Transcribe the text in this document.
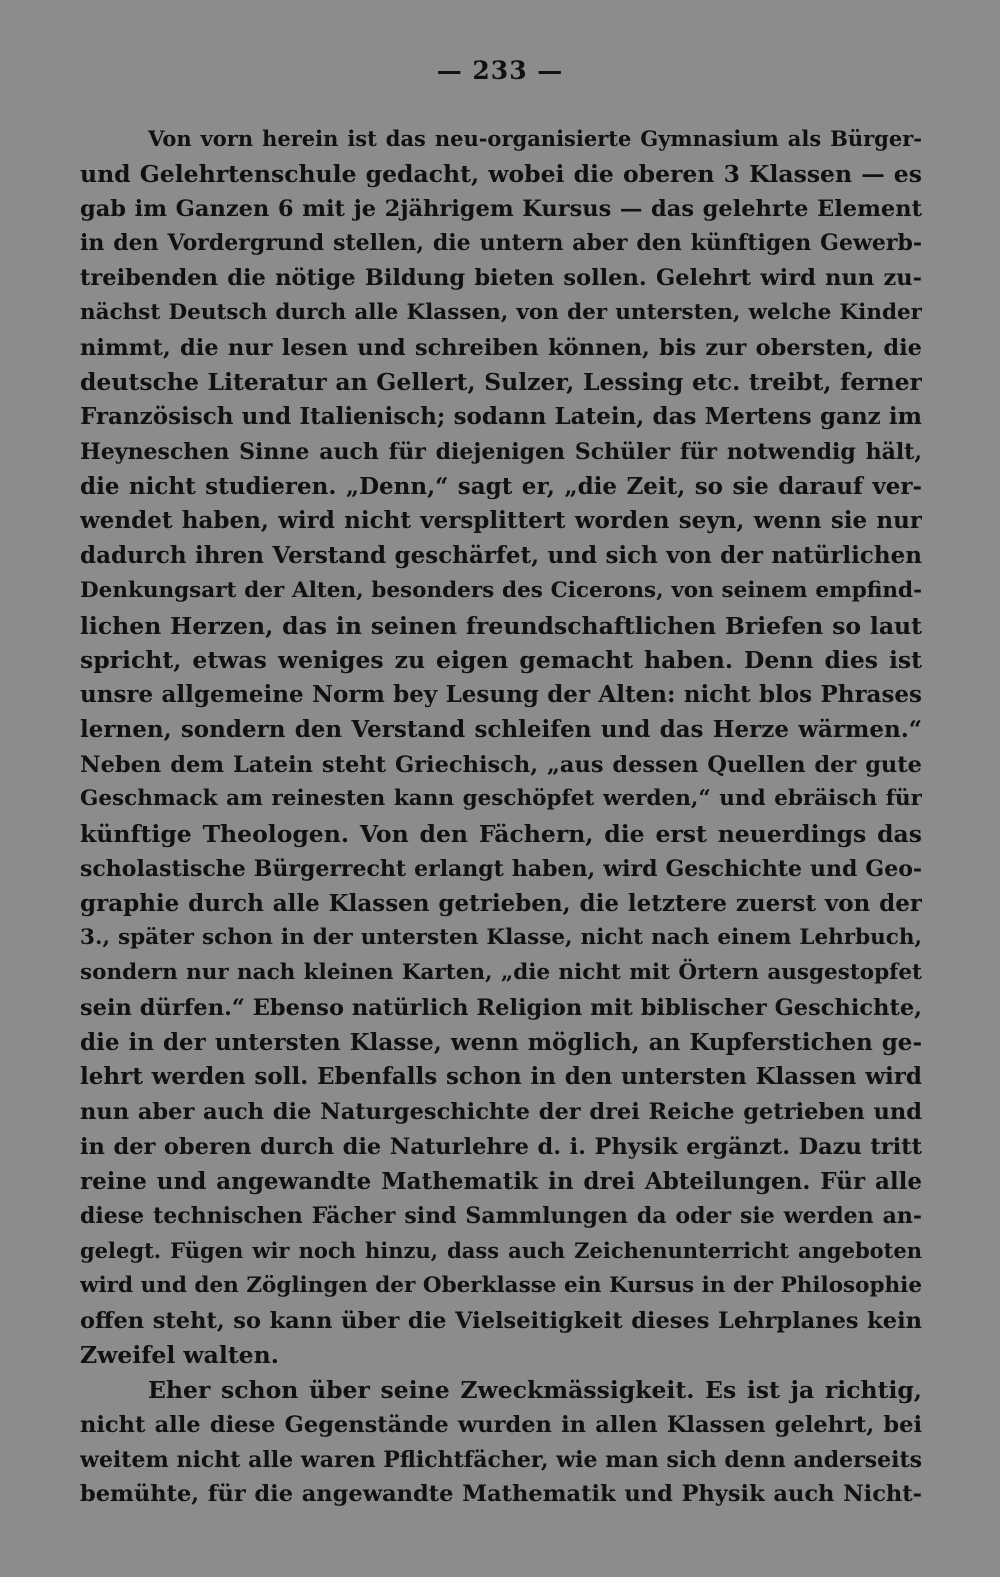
— 233 —
Von vorn herein ist das neu-organisierte Gymnasium als Bürger-
und Gelehrtenschule gedacht, wobei die oberen 3 Klassen — es
gab im Ganzen 6 mit je 2jährigem Kursus — das gelehrte Element
in den Vordergrund stellen, die untern aber den künftigen Gewerb-
treibenden die nötige Bildung bieten sollen. Gelehrt wird nun zu-
nächst Deutsch durch alle Klassen, von der untersten, welche Kinder
nimmt, die nur lesen und schreiben können, bis zur obersten, die
deutsche Literatur an Gellert, Sulzer, Lessing etc. treibt, ferner
Französisch und Italienisch; sodann Latein, das Mertens ganz im
Heyneschen Sinne auch für diejenigen Schüler für notwendig hält,
die nicht studieren. „Denn,“ sagt er, „die Zeit, so sie darauf ver-
wendet haben, wird nicht versplittert worden seyn, wenn sie nur
dadurch ihren Verstand geschärfet, und sich von der natürlichen
Denkungsart der Alten, besonders des Cicerons, von seinem empfind-
lichen Herzen, das in seinen freundschaftlichen Briefen so laut
spricht, etwas weniges zu eigen gemacht haben. Denn dies ist
unsre allgemeine Norm bey Lesung der Alten: nicht blos Phrases
lernen, sondern den Verstand schleifen und das Herze wärmen.“
Neben dem Latein steht Griechisch, „aus dessen Quellen der gute
Geschmack am reinesten kann geschöpfet werden,“ und ebräisch für
künftige Theologen. Von den Fächern, die erst neuerdings das
scholastische Bürgerrecht erlangt haben, wird Geschichte und Geo-
graphie durch alle Klassen getrieben, die letztere zuerst von der
3., später schon in der untersten Klasse, nicht nach einem Lehrbuch,
sondern nur nach kleinen Karten, „die nicht mit Örtern ausgestopfet
sein dürfen.“ Ebenso natürlich Religion mit biblischer Geschichte,
die in der untersten Klasse, wenn möglich, an Kupferstichen ge-
lehrt werden soll. Ebenfalls schon in den untersten Klassen wird
nun aber auch die Naturgeschichte der drei Reiche getrieben und
in der oberen durch die Naturlehre d. i. Physik ergänzt. Dazu tritt
reine und angewandte Mathematik in drei Abteilungen. Für alle
diese technischen Fächer sind Sammlungen da oder sie werden an-
gelegt. Fügen wir noch hinzu, dass auch Zeichenunterricht angeboten
wird und den Zöglingen der Oberklasse ein Kursus in der Philosophie
offen steht, so kann über die Vielseitigkeit dieses Lehrplanes kein
Zweifel walten.
Eher schon über seine Zweckmässigkeit. Es ist ja richtig,
nicht alle diese Gegenstände wurden in allen Klassen gelehrt, bei
weitem nicht alle waren Pflichtfächer, wie man sich denn anderseits
bemühte, für die angewandte Mathematik und Physik auch Nicht-
